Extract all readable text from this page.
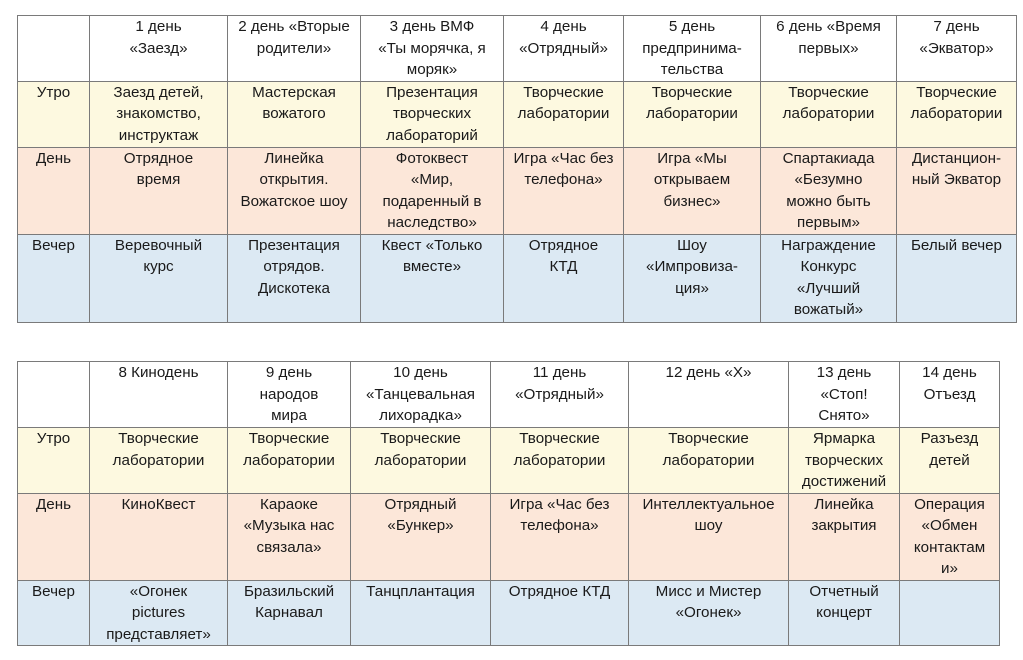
	1 день
«Заезд»	2 день «Вторые
родители»	3 день ВМФ
«Ты морячка, я
моряк»	4 день
«Отрядный»	5 день
предпринима-
тельства	6 день «Время
первых»	7 день
«Экватор»
Утро	Заезд детей,
знакомство,
инструктаж	Мастерская
вожатого	Презентация
творческих
лабораторий	Творческие
лаборатории	Творческие
лаборатории	Творческие
лаборатории	Творческие
лаборатории
День	Отрядное
время	Линейка
открытия.
Вожатское шоу	Фотоквест
«Мир,
подаренный в
наследство»	Игра «Час без
телефона»	Игра «Мы
открываем
бизнес»	Спартакиада
«Безумно
можно быть
первым»	Дистанцион-
ный Экватор
Вечер	Веревочный
курс	Презентация
отрядов.
Дискотека	Квест «Только
вместе»	Отрядное
КТД	Шоу
«Импровиза-
ция»	Награждение
Конкурс
«Лучший
вожатый»	Белый вечер
	8 Кинодень	9 день
народов
мира	10 день
«Танцевальная
лихорадка»	11 день
«Отрядный»	12 день «Х»	13 день
«Стоп!
Снято»	14 день
Отъезд
Утро	Творческие
лаборатории	Творческие
лаборатории	Творческие
лаборатории	Творческие
лаборатории	Творческие
лаборатории	Ярмарка
творческих
достижений	Разъезд
детей
День	КиноКвест	Караоке
«Музыка нас
связала»	Отрядный
«Бункер»	Игра «Час без
телефона»	Интеллектуальное
шоу	Линейка
закрытия	Операция
«Обмен
контактам
и»
Вечер	«Огонек
pictures
представляет»	Бразильский
Карнавал	Танцплантация	Отрядное КТД	Мисс и Мистер
«Огонек»	Отчетный
концерт	
